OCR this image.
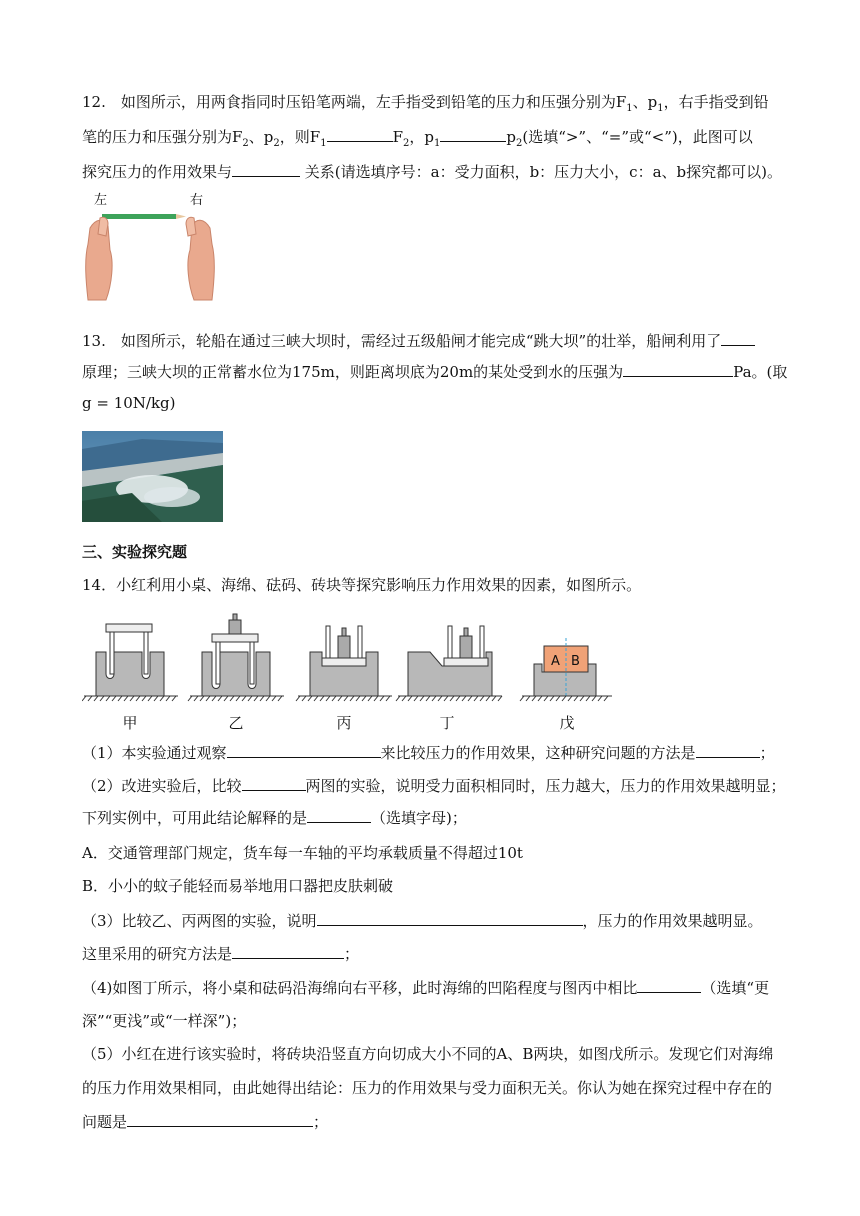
12.　如图所示，用两食指同时压铅笔两端，左手指受到铅笔的压力和压强分别为$F_1$、$p_1$，右手指受到铅
笔的压力和压强分别为$F_2$、$p_2$，则$F_1$	$F_2$，$p_1$	$p_2$(选填“>”、“=”或“<”)，此图可以
探究压力的作用效果与	关系(请选填序号：a：受力面积，b：压力大小，c：a、b探究都可以)。
左	右
13.　如图所示，轮船在通过三峡大坝时，需经过五级船闸才能完成“跳大坝”的壮举，船闸利用了
原理；三峡大坝的正常蓄水位为175m，则距离坝底为20m的某处受到水的压强为	Pa。(取
g = 10N/kg)
三、实验探究题
14．小红利用小桌、海绵、砝码、砖块等探究影响压力作用效果的因素，如图所示。
A B
甲	乙	丙	丁	戊
（1）本实验通过观察	来比较压力的作用效果，这种研究问题的方法是	；
（2）改进实验后，比较	两图的实验，说明受力面积相同时，压力越大，压力的作用效果越明显；
下列实例中，可用此结论解释的是	（选填字母)；
A．交通管理部门规定，货车每一车轴的平均承载质量不得超过10t
B．小小的蚊子能轻而易举地用口器把皮肤刺破
（3）比较乙、丙两图的实验，说明	，压力的作用效果越明显。
这里采用的研究方法是	；
（4)如图丁所示，将小桌和砝码沿海绵向右平移，此时海绵的凹陷程度与图丙中相比	（选填“更
深”“更浅”或“一样深”)；
（5）小红在进行该实验时，将砖块沿竖直方向切成大小不同的A、B两块，如图戊所示。发现它们对海绵
的压力作用效果相同，由此她得出结论：压力的作用效果与受力面积无关。你认为她在探究过程中存在的
问题是	；
